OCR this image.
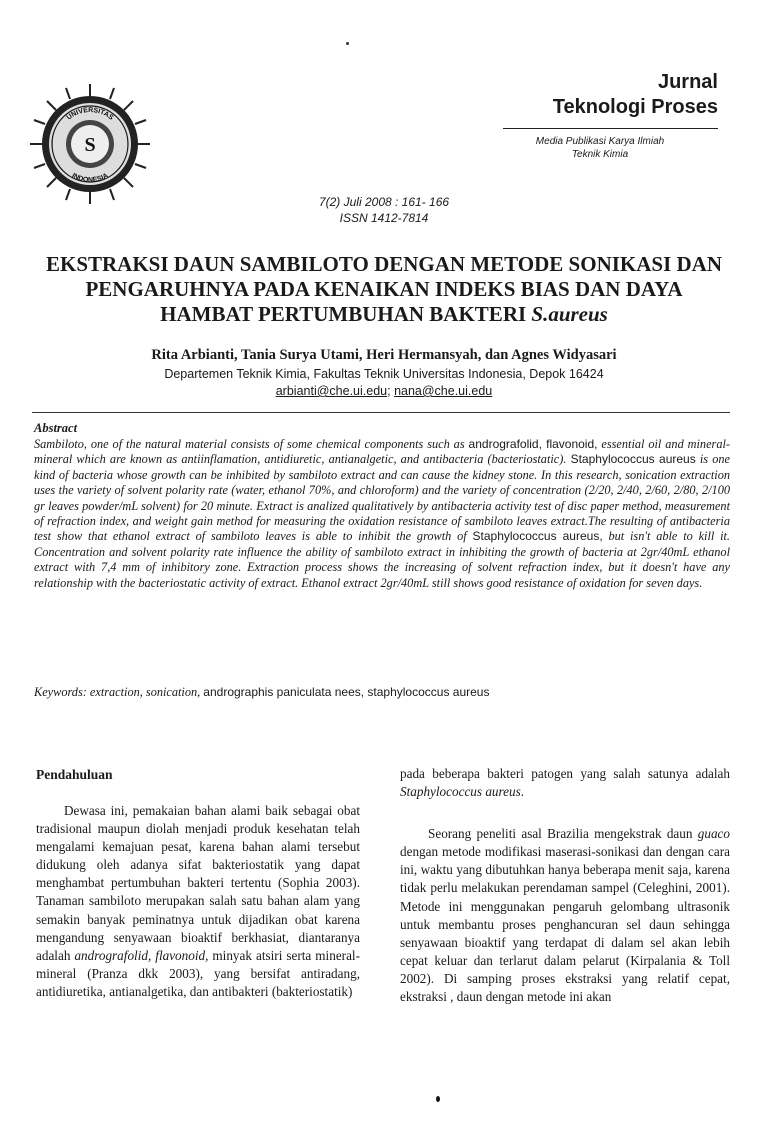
S
UNIVERSITAS
INDONESIA
Jurnal
Teknologi Proses
Media Publikasi Karya Ilmiah
Teknik Kimia
7(2) Juli 2008 : 161- 166
ISSN 1412-7814
EKSTRAKSI DAUN SAMBILOTO DENGAN METODE SONIKASI DAN
PENGARUHNYA PADA KENAIKAN INDEKS BIAS DAN DAYA
HAMBAT PERTUMBUHAN BAKTERI S.aureus
Rita Arbianti, Tania Surya Utami, Heri Hermansyah, dan Agnes Widyasari
Departemen Teknik Kimia, Fakultas Teknik Universitas Indonesia, Depok 16424
arbianti@che.ui.edu; nana@che.ui.edu
Abstract
Sambiloto, one of the natural material consists of some chemical components such as andrografolid, flavonoid, essential oil and mineral-mineral which are known as antiinflamation, antidiuretic, antianalgetic, and antibacteria (bacteriostatic). Staphylococcus aureus is one kind of bacteria whose growth can be inhibited by sambiloto extract and can cause the kidney stone. In this research, sonication extraction uses the variety of solvent polarity rate (water, ethanol 70%, and chloroform) and the variety of concentration (2/20, 2/40, 2/60, 2/80, 2/100 gr leaves powder/mL solvent) for 20 minute. Extract is analized qualitatively by antibacteria activity test of disc paper method, measurement of refraction index, and weight gain method for measuring the oxidation resistance of sambiloto leaves extract.The resulting of antibacteria test show that ethanol extract of sambiloto leaves is able to inhibit the growth of Staphylococcus aureus, but isn't able to kill it. Concentration and solvent polarity rate influence the ability of sambiloto extract in inhibiting the growth of bacteria at 2gr/40mL ethanol extract with 7,4 mm of inhibitory zone. Extraction process shows the increasing of solvent refraction index, but it doesn't have any relationship with the bacteriostatic activity of extract. Ethanol extract 2gr/40mL still shows good resistance of oxidation for seven days.
Keywords: extraction, sonication, andrographis paniculata nees, staphylococcus aureus
Pendahuluan

Dewasa ini, pemakaian bahan alami baik sebagai obat tradisional maupun diolah menjadi produk kesehatan telah mengalami kemajuan pesat, karena bahan alami tersebut didukung oleh adanya sifat bakteriostatik yang dapat menghambat pertumbuhan bakteri tertentu (Sophia 2003). Tanaman sambiloto merupakan salah satu bahan alam yang semakin banyak peminatnya untuk dijadikan obat karena mengandung senyawaan bioaktif berkhasiat, diantaranya adalah andrografolid, flavonoid, minyak atsiri serta mineral-mineral (Pranza dkk 2003), yang bersifat antiradang, antidiuretika, antianalgetika, dan antibakteri (bakteriostatik)

pada beberapa bakteri patogen yang salah satunya adalah Staphylococcus aureus.

Seorang peneliti asal Brazilia mengekstrak daun guaco dengan metode modifikasi maserasi-sonikasi dan dengan cara ini, waktu yang dibutuhkan hanya beberapa menit saja, karena tidak perlu melakukan perendaman sampel (Celeghini, 2001). Metode ini menggunakan pengaruh gelombang ultrasonik untuk membantu proses penghancuran sel daun sehingga senyawaan bioaktif yang terdapat di dalam sel akan lebih cepat keluar dan terlarut dalam pelarut (Kirpalania & Toll 2002). Di samping proses ekstraksi yang relatif cepat, ekstraksi , daun dengan metode ini akan
